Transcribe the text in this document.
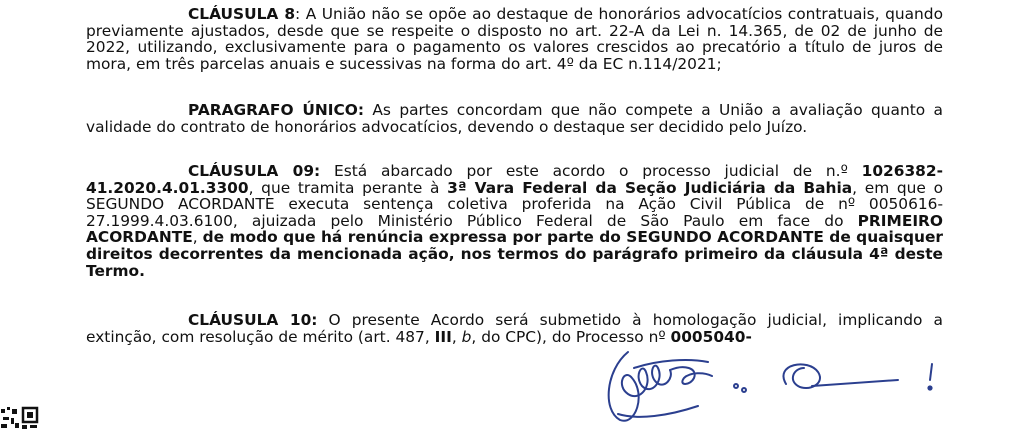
CLÁUSULA 8: A União não se opõe ao destaque de honorários advocatícios contratuais, quando previamente ajustados, desde que se respeite o disposto no art. 22-A da Lei n. 14.365, de 02 de junho de 2022, utilizando, exclusivamente para o pagamento os valores crescidos ao precatório a título de juros de mora, em três parcelas anuais e sucessivas na forma do art. 4º da EC n.114/2021;
PARAGRAFO ÚNICO: As partes concordam que não compete a União a avaliação quanto a validade do contrato de honorários advocatícios, devendo o destaque ser decidido pelo Juízo.
CLÁUSULA 09: Está abarcado por este acordo o processo judicial de n.º 1026382-41.2020.4.01.3300, que tramita perante à 3ª Vara Federal da Seção Judiciária da Bahia, em que o SEGUNDO ACORDANTE executa sentença coletiva proferida na Ação Civil Pública de nº 0050616-27.1999.4.03.6100, ajuizada pelo Ministério Público Federal de São Paulo em face do PRIMEIRO ACORDANTE, de modo que há renúncia expressa por parte do SEGUNDO ACORDANTE de quaisquer direitos decorrentes da mencionada ação, nos termos do parágrafo primeiro da cláusula 4ª deste Termo.
CLÁUSULA 10: O presente Acordo será submetido à homologação judicial, implicando a extinção, com resolução de mérito (art. 487, III, b, do CPC), do Processo nº 0005040-
